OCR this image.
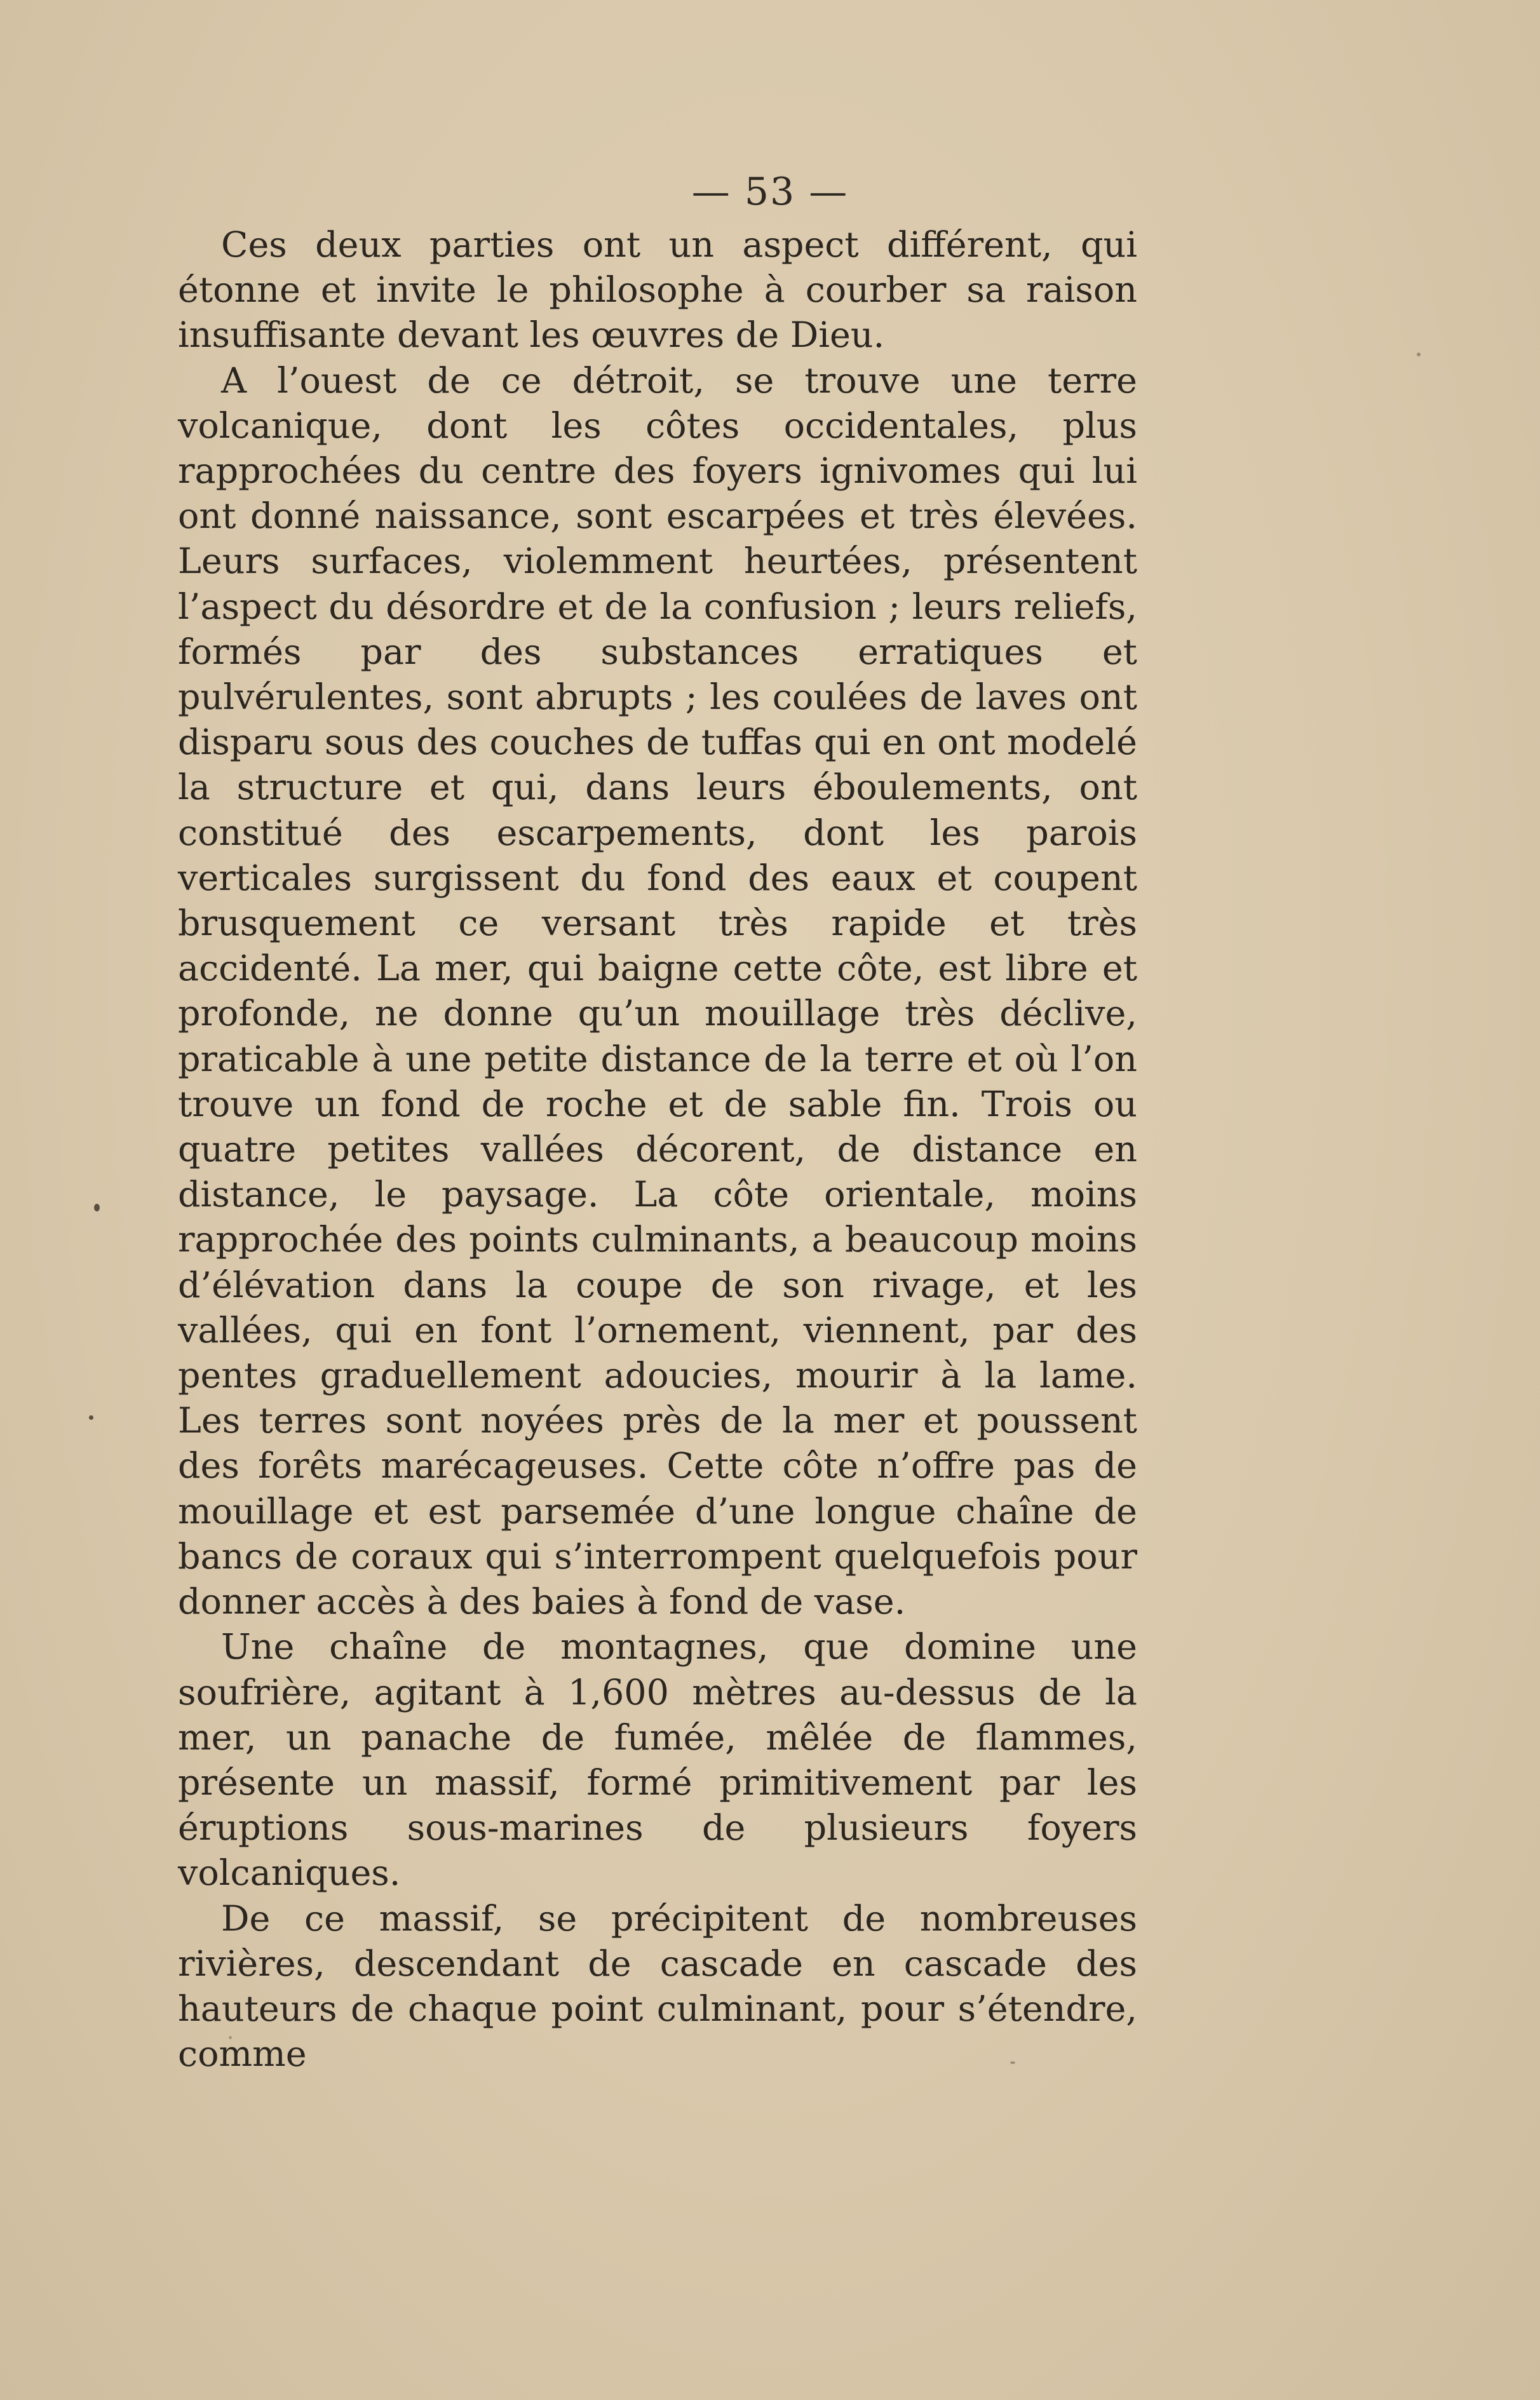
— 53 —

Ces deux parties ont un aspect différent, qui étonne et invite le philosophe à courber sa raison insuffisante devant les œuvres de Dieu.

A l’ouest de ce détroit, se trouve une terre volcanique, dont les côtes occidentales, plus rapprochées du centre des foyers ignivomes qui lui ont donné naissance, sont escarpées et très élevées. Leurs surfaces, violemment heurtées, présentent l’aspect du désordre et de la confusion ; leurs reliefs, formés par des substances erratiques et pulvérulentes, sont abrupts ; les coulées de laves ont disparu sous des couches de tuffas qui en ont modelé la structure et qui, dans leurs éboulements, ont constitué des escarpements, dont les parois verticales surgissent du fond des eaux et coupent brusquement ce versant très rapide et très accidenté. La mer, qui baigne cette côte, est libre et profonde, ne donne qu’un mouillage très déclive, praticable à une petite distance de la terre et où l’on trouve un fond de roche et de sable fin. Trois ou quatre petites vallées décorent, de distance en distance, le paysage. La côte orientale, moins rapprochée des points culminants, a beaucoup moins d’élévation dans la coupe de son rivage, et les vallées, qui en font l’ornement, viennent, par des pentes graduellement adoucies, mourir à la lame. Les terres sont noyées près de la mer et poussent des forêts marécageuses. Cette côte n’offre pas de mouillage et est parsemée d’une longue chaîne de bancs de coraux qui s’interrompent quelquefois pour donner accès à des baies à fond de vase.

Une chaîne de montagnes, que domine une soufrière, agitant à 1,600 mètres au-dessus de la mer, un panache de fumée, mêlée de flammes, présente un massif, formé primitivement par les éruptions sous-marines de plusieurs foyers volcaniques.

De ce massif, se précipitent de nombreuses rivières, descendant de cascade en cascade des hauteurs de chaque point culminant, pour s’étendre, comme
